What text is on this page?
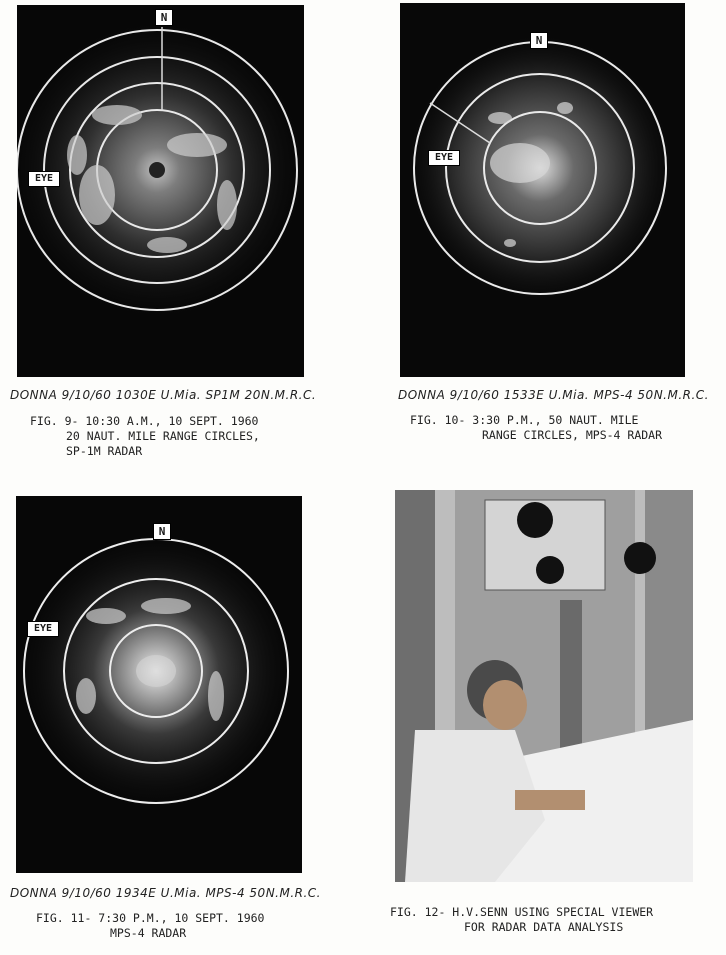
N
EYE
N
EYE
DONNA 9/10/60 1030E U.Mia. SP1M 20N.M.R.C.
FIG. 9- 10:30 A.M., 10 SEPT. 1960
20 NAUT. MILE RANGE CIRCLES,
SP-1M RADAR
DONNA 9/10/60 1533E U.Mia. MPS-4 50N.M.R.C.
FIG. 10- 3:30 P.M., 50 NAUT. MILE
RANGE CIRCLES, MPS-4 RADAR
N
EYE
DONNA 9/10/60 1934E U.Mia. MPS-4 50N.M.R.C.
FIG. 11- 7:30 P.M., 10 SEPT. 1960
MPS-4 RADAR
FIG. 12- H.V.SENN USING SPECIAL VIEWER
FOR RADAR DATA ANALYSIS
